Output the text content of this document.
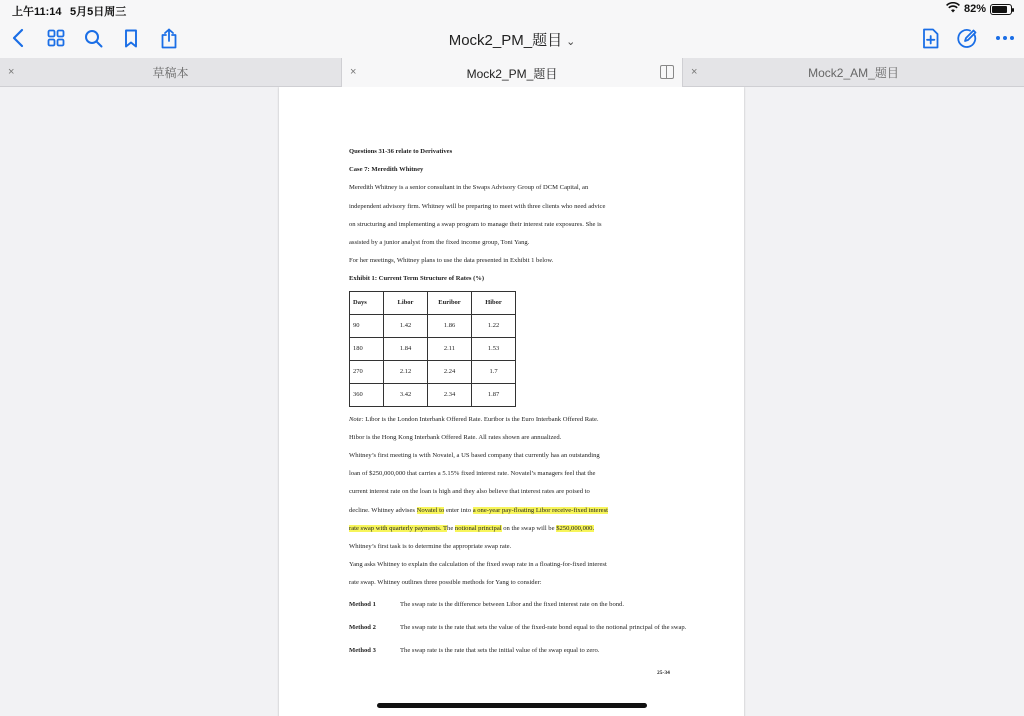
上午11:14 5月5日周三	82%
Mock2_PM_题目 ⌄
×	草稿本	×	Mock2_PM_题目	×	Mock2_AM_题目
Questions 31-36 relate to Derivatives
Case 7: Meredith Whitney
Meredith Whitney is a senior consultant in the Swaps Advisory Group of DCM Capital, an
independent advisory firm. Whitney will be preparing to meet with three clients who need advice
on structuring and implementing a swap program to manage their interest rate exposures. She is
assisted by a junior analyst from the fixed income group, Toni Yang.
For her meetings, Whitney plans to use the data presented in Exhibit 1 below.
Exhibit 1: Current Term Structure of Rates (%)
Days	Libor	Euribor	Hibor
90	1.42	1.86	1.22
180	1.84	2.11	1.53
270	2.12	2.24	1.7
360	3.42	2.34	1.87
Note: Libor is the London Interbank Offered Rate. Euribor is the Euro Interbank Offered Rate.
Hibor is the Hong Kong Interbank Offered Rate. All rates shown are annualized.
Whitney’s first meeting is with Novatel, a US based company that currently has an outstanding
loan of $250,000,000 that carries a 5.15% fixed interest rate. Novatel’s managers feel that the
current interest rate on the loan is high and they also believe that interest rates are poised to
decline. Whitney advises Novatel to enter into a one-year pay-floating Libor receive-fixed interest
rate swap with quarterly payments. The notional principal on the swap will be $250,000,000.
Whitney’s first task is to determine the appropriate swap rate.
Yang asks Whitney to explain the calculation of the fixed swap rate in a floating-for-fixed interest
rate swap. Whitney outlines three possible methods for Yang to consider:
Method 1	The swap rate is the difference between Libor and the fixed interest rate on the bond.
Method 2	The swap rate is the rate that sets the value of the fixed-rate bond equal to the notional principal of the swap.
Method 3	The swap rate is the rate that sets the initial value of the swap equal to zero.
25-34
